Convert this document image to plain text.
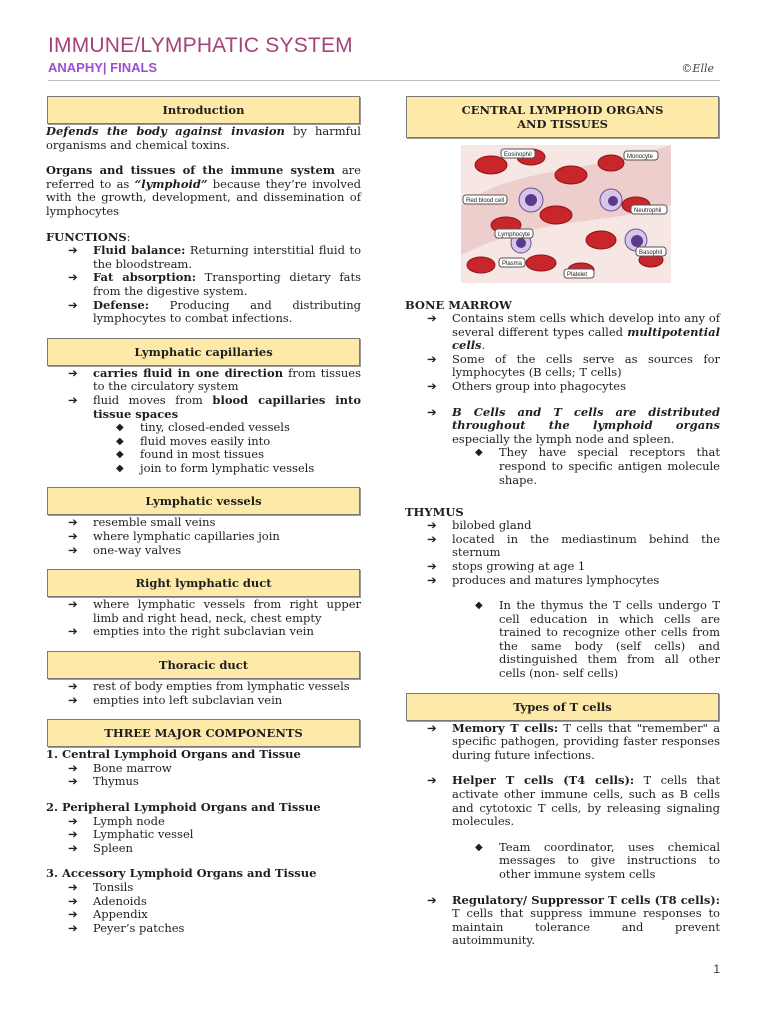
IMMUNE/LYMPHATIC SYSTEM
ANAPHY| FINALS	©Elle
Introduction

Defends the body against invasion by harmful organisms and chemical toxins.

Organs and tissues of the immune system are referred to as “lymphoid” because they’re involved with the growth, development, and dissemination of lymphocytes

FUNCTIONS:

➔ Fluid balance: Returning interstitial fluid to the bloodstream.
➔ Fat absorption: Transporting dietary fats from the digestive system.
➔ Defense: Producing and distributing lymphocytes to combat infections.
Lymphatic capillaries
➔ carries fluid in one direction from tissues to the circulatory system
➔ fluid moves from blood capillaries into tissue spaces
◆ tiny, closed-ended vessels
◆ fluid moves easily into
◆ found in most tissues
◆ join to form lymphatic vessels
Lymphatic vessels
➔ resemble small veins
➔ where lymphatic capillaries join
➔ one-way valves
Right lymphatic duct
➔ where lymphatic vessels from right upper limb and right head, neck, chest empty
➔ empties into the right subclavian vein
Thoracic duct
➔ rest of body empties from lymphatic vessels
➔ empties into left subclavian vein
THREE MAJOR COMPONENTS
1. Central Lymphoid Organs and Tissue
➔ Bone marrow
➔ Thymus
2. Peripheral Lymphoid Organs and Tissue
➔ Lymph node
➔ Lymphatic vessel
➔ Spleen
3. Accessory Lymphoid Organs and Tissue
➔ Tonsils
➔ Adenoids
➔ Appendix
➔ Peyer’s patches
CENTRAL LYMPHOID ORGANS
AND TISSUES
Eosinophil	Monocyte
Red blood cell
Neutrophil
Lymphocyte
Basophil
Plasma
Platelet
BONE MARROW
➔ Contains stem cells which develop into any of several different types called multipotential cells.
➔ Some of the cells serve as sources for lymphocytes (B cells; T cells)
➔ Others group into phagocytes
➔ B Cells and T cells are distributed throughout the lymphoid organs especially the lymph node and spleen.
◆ They have special receptors that respond to specific antigen molecule shape.
THYMUS
➔ bilobed gland
➔ located in the mediastinum behind the sternum
➔ stops growing at age 1
➔ produces and matures lymphocytes
◆ In the thymus the T cells undergo T cell education in which cells are trained to recognize other cells from the same body (self cells) and distinguished them from all other cells (non- self cells)
Types of T cells
➔ Memory T cells: T cells that "remember" a specific pathogen, providing faster responses during future infections.
➔ Helper T cells (T4 cells): T cells that activate other immune cells, such as B cells and cytotoxic T cells, by releasing signaling molecules.
◆ Team coordinator, uses chemical messages to give instructions to other immune system cells
➔ Regulatory/ Suppressor T cells (T8 cells): T cells that suppress immune responses to maintain tolerance and prevent autoimmunity.
1
